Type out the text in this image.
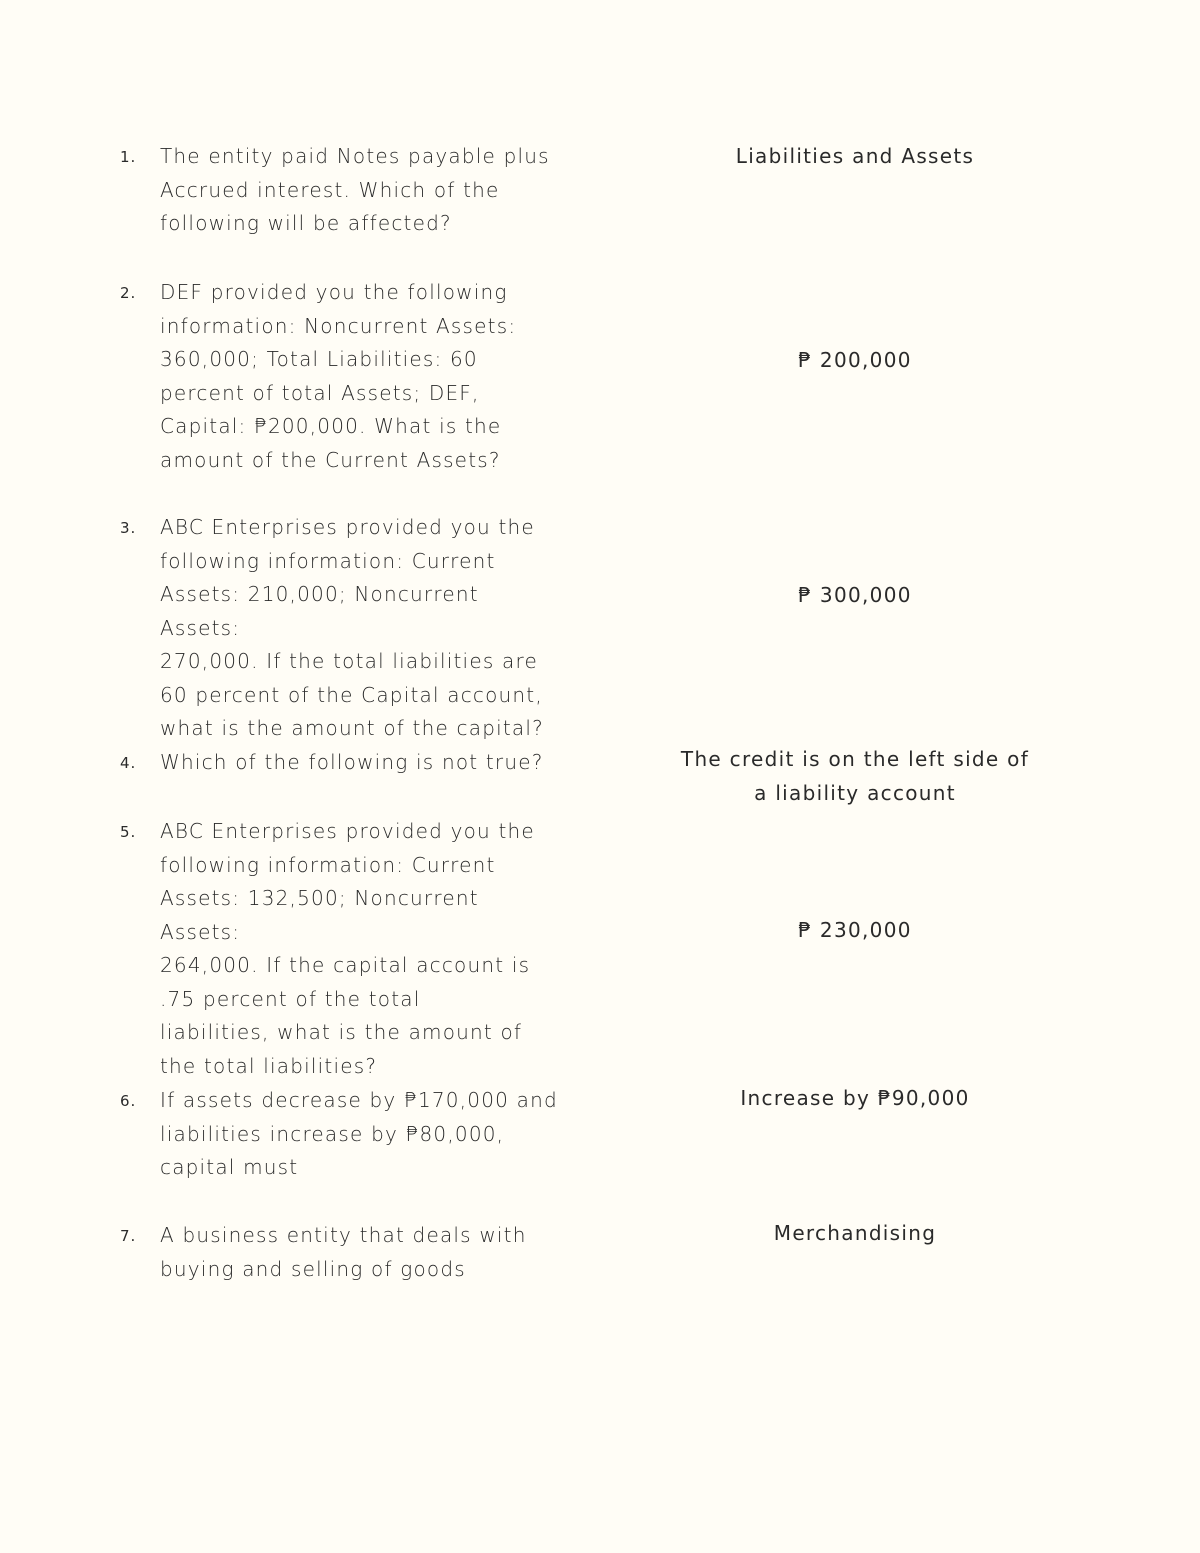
1.	The entity paid Notes payable plus
Accrued interest. Which of the
following will be affected?
Liabilities and Assets
2.	DEF provided you the following
information: Noncurrent Assets:
360,000; Total Liabilities: 60
percent of total Assets; DEF,
Capital: ₱200,000. What is the
amount of the Current Assets?
₱ 200,000
3.	ABC Enterprises provided you the
following information: Current
Assets: 210,000; Noncurrent Assets:
270,000. If the total liabilities are
60 percent of the Capital account,
what is the amount of the capital?
₱ 300,000
4.	Which of the following is not true?	The credit is on the left side of
a liability account
5.	ABC Enterprises provided you the
following information: Current
Assets: 132,500; Noncurrent Assets:
264,000. If the capital account is
.75 percent of the total
liabilities, what is the amount of
the total liabilities?
₱ 230,000
6.	If assets decrease by ₱170,000 and
liabilities increase by ₱80,000,
capital must
Increase by ₱90,000
7.	A business entity that deals with
buying and selling of goods
Merchandising
